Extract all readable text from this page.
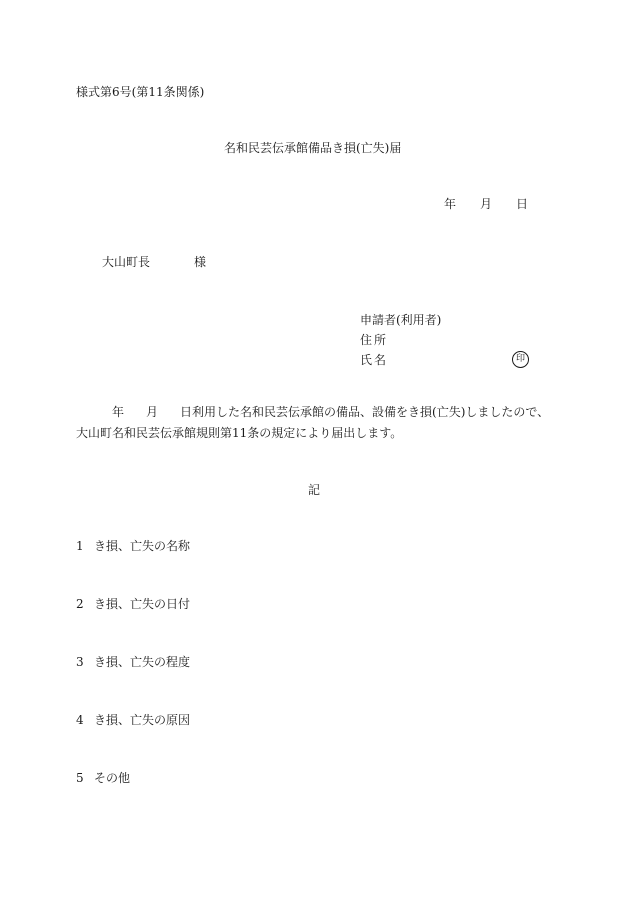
様式第6号(第11条関係)
名和民芸伝承館備品き損(亡失)届
年 月 日
大山町長	様
申請者(利用者)
住 所
氏 名	印
年 月 日利用した名和民芸伝承館の備品、設備をき損(亡失)しましたので、
大山町名和民芸伝承館規則第11条の規定により届出します。
記
1 き損、亡失の名称
2 き損、亡失の日付
3 き損、亡失の程度
4 き損、亡失の原因
5 その他
